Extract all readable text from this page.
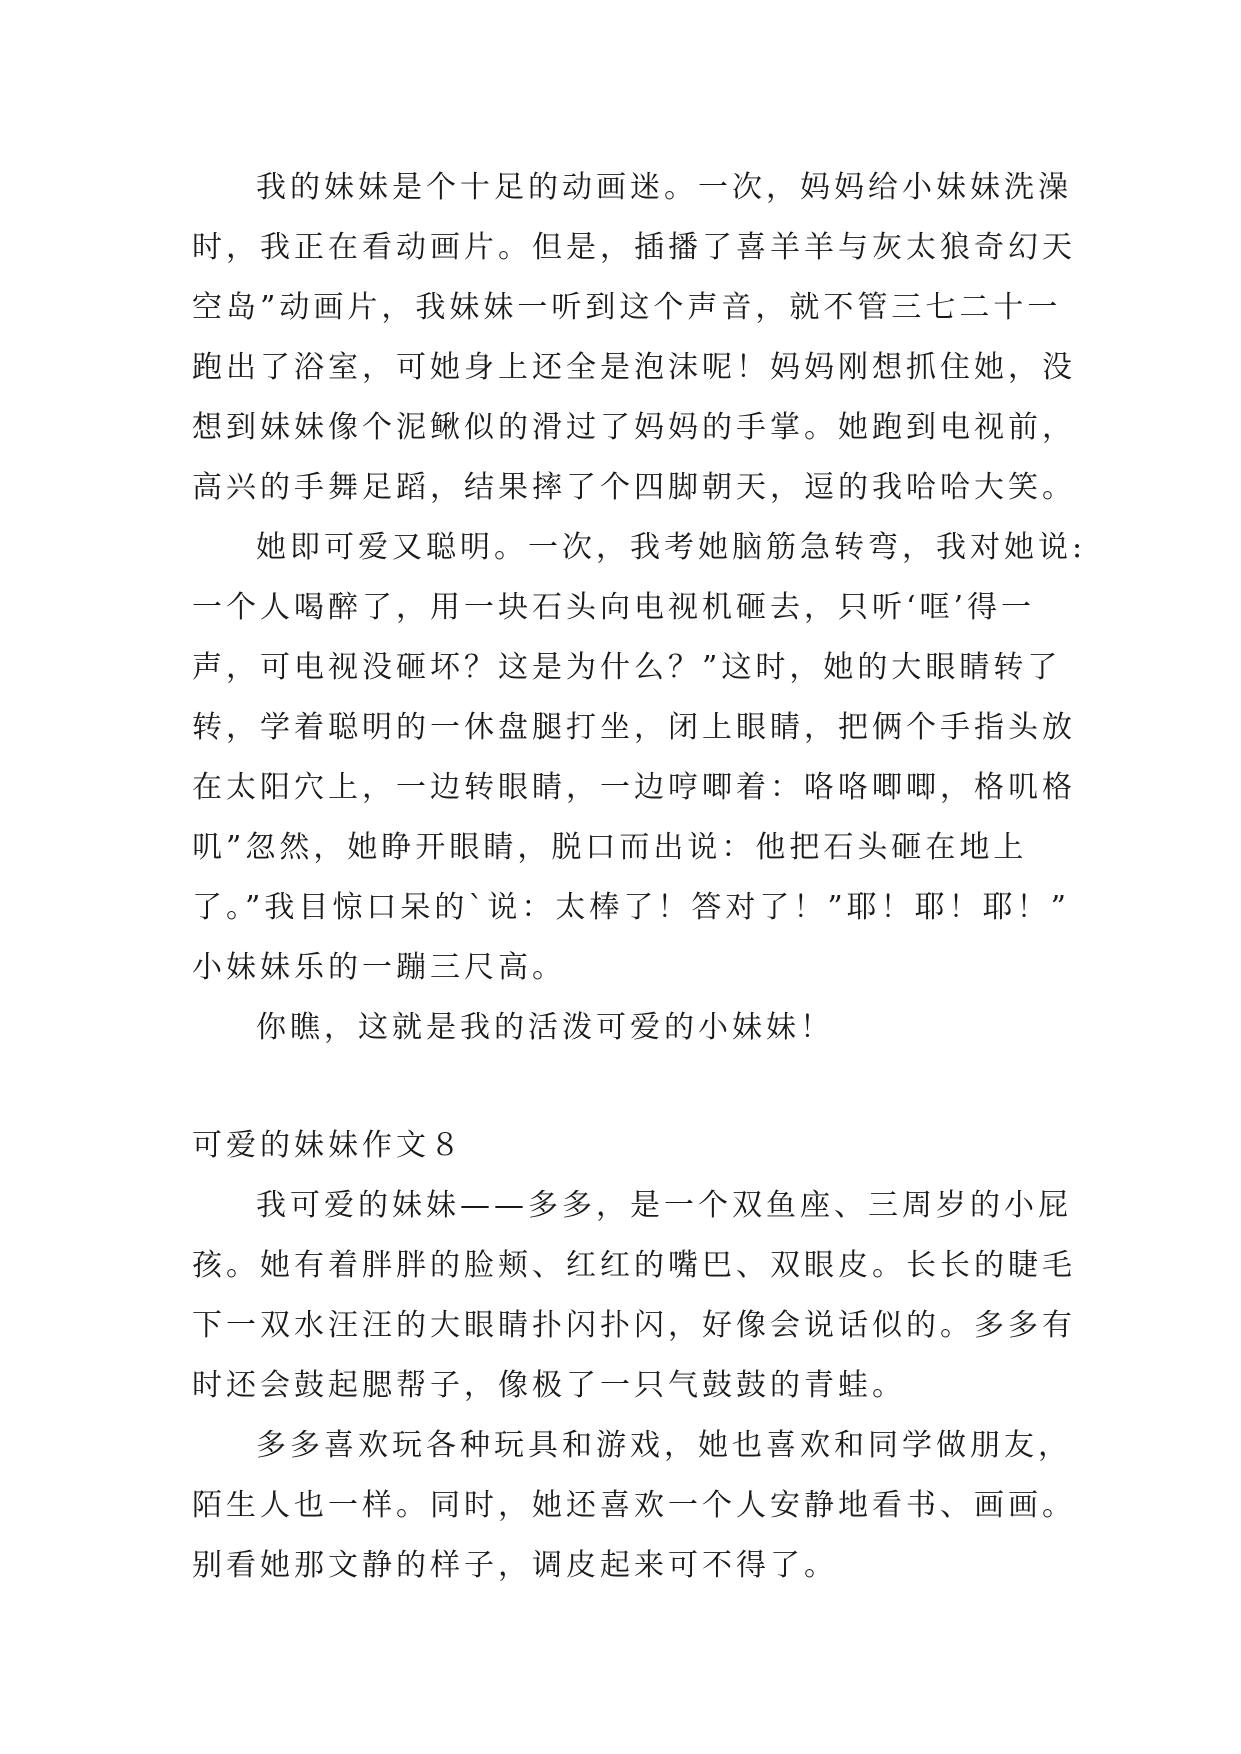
我的妹妹是个十足的动画迷。一次，妈妈给小妹妹洗澡
时，我正在看动画片。但是，插播了喜羊羊与灰太狼奇幻天
空岛”动画片，我妹妹一听到这个声音，就不管三七二十一
跑出了浴室，可她身上还全是泡沫呢！妈妈刚想抓住她，没
想到妹妹像个泥鳅似的滑过了妈妈的手掌。她跑到电视前，
高兴的手舞足蹈，结果摔了个四脚朝天，逗的我哈哈大笑。
她即可爱又聪明。一次，我考她脑筋急转弯，我对她说:
一个人喝醉了，用一块石头向电视机砸去，只听‘哐’得一
声，可电视没砸坏？这是为什么？”这时，她的大眼睛转了
转，学着聪明的一休盘腿打坐，闭上眼睛，把俩个手指头放
在太阳穴上，一边转眼睛，一边哼唧着：咯咯唧唧，格叽格
叽”忽然，她睁开眼睛，脱口而出说：他把石头砸在地上
了。”我目惊口呆的`说：太棒了！答对了！”耶！耶！耶！”
小妹妹乐的一蹦三尺高。
你瞧，这就是我的活泼可爱的小妹妹！
可爱的妹妹作文８
我可爱的妹妹——多多，是一个双鱼座、三周岁的小屁
孩。她有着胖胖的脸颊、红红的嘴巴、双眼皮。长长的睫毛
下一双水汪汪的大眼睛扑闪扑闪，好像会说话似的。多多有
时还会鼓起腮帮子，像极了一只气鼓鼓的青蛙。
多多喜欢玩各种玩具和游戏，她也喜欢和同学做朋友，
陌生人也一样。同时，她还喜欢一个人安静地看书、画画。
别看她那文静的样子，调皮起来可不得了。
